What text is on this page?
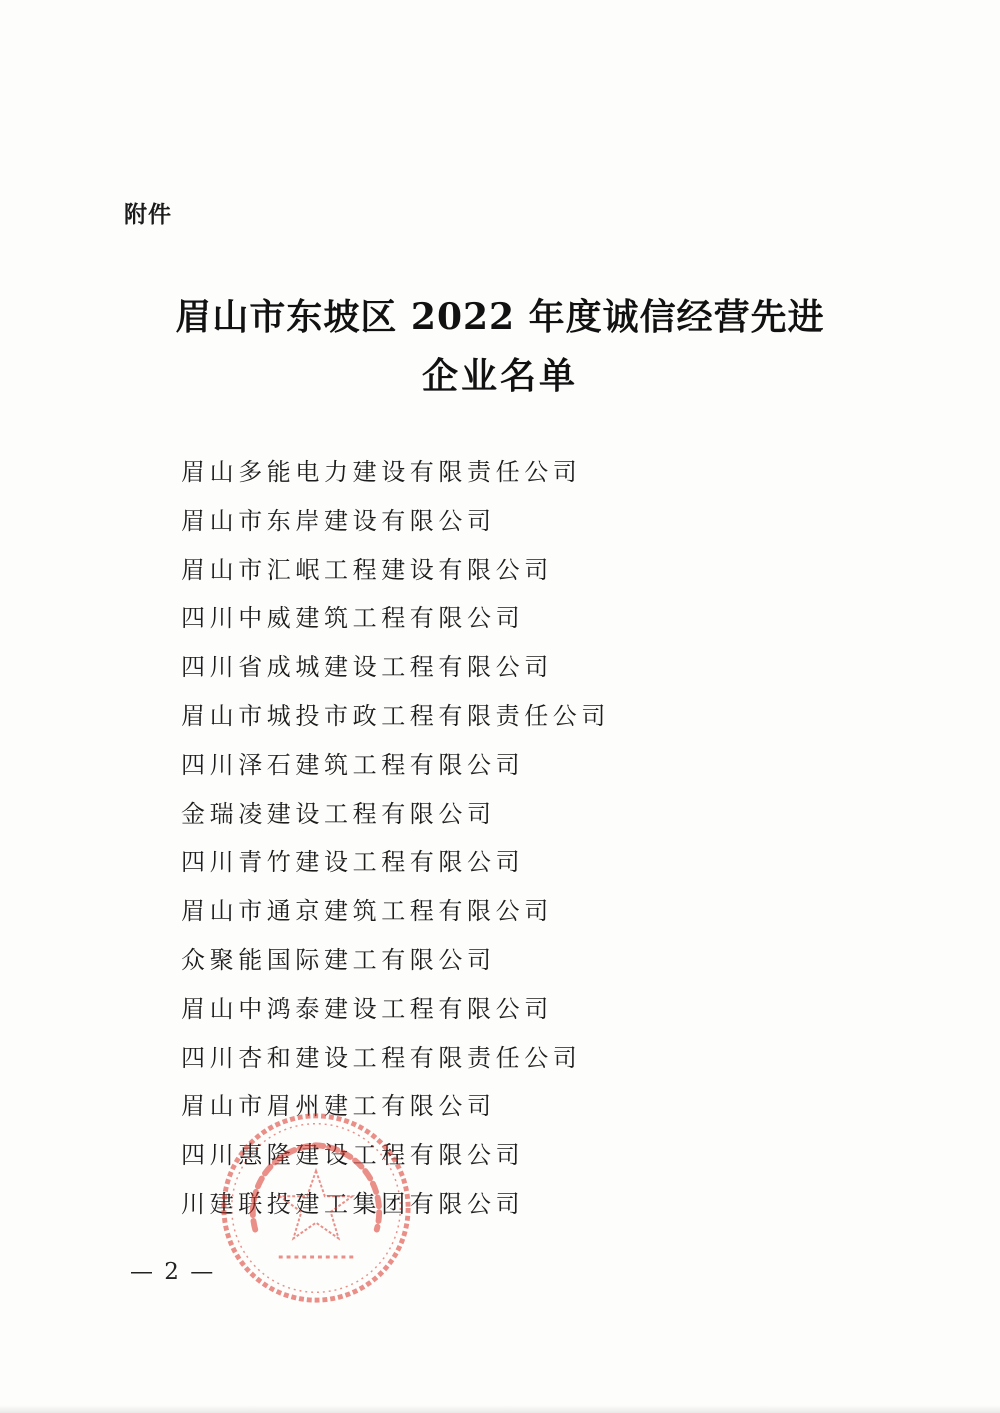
附件
眉山市东坡区 2022 年度诚信经营先进
企业名单
眉山多能电力建设有限责任公司
眉山市东岸建设有限公司
眉山市汇岷工程建设有限公司
四川中威建筑工程有限公司
四川省成城建设工程有限公司
眉山市城投市政工程有限责任公司
四川泽石建筑工程有限公司
金瑞凌建设工程有限公司
四川青竹建设工程有限公司
眉山市通京建筑工程有限公司
众聚能国际建工有限公司
眉山中鸿泰建设工程有限公司
四川杏和建设工程有限责任公司
眉山市眉州建工有限公司
四川惠隆建设工程有限公司
川建联投建工集团有限公司
— 2 —
